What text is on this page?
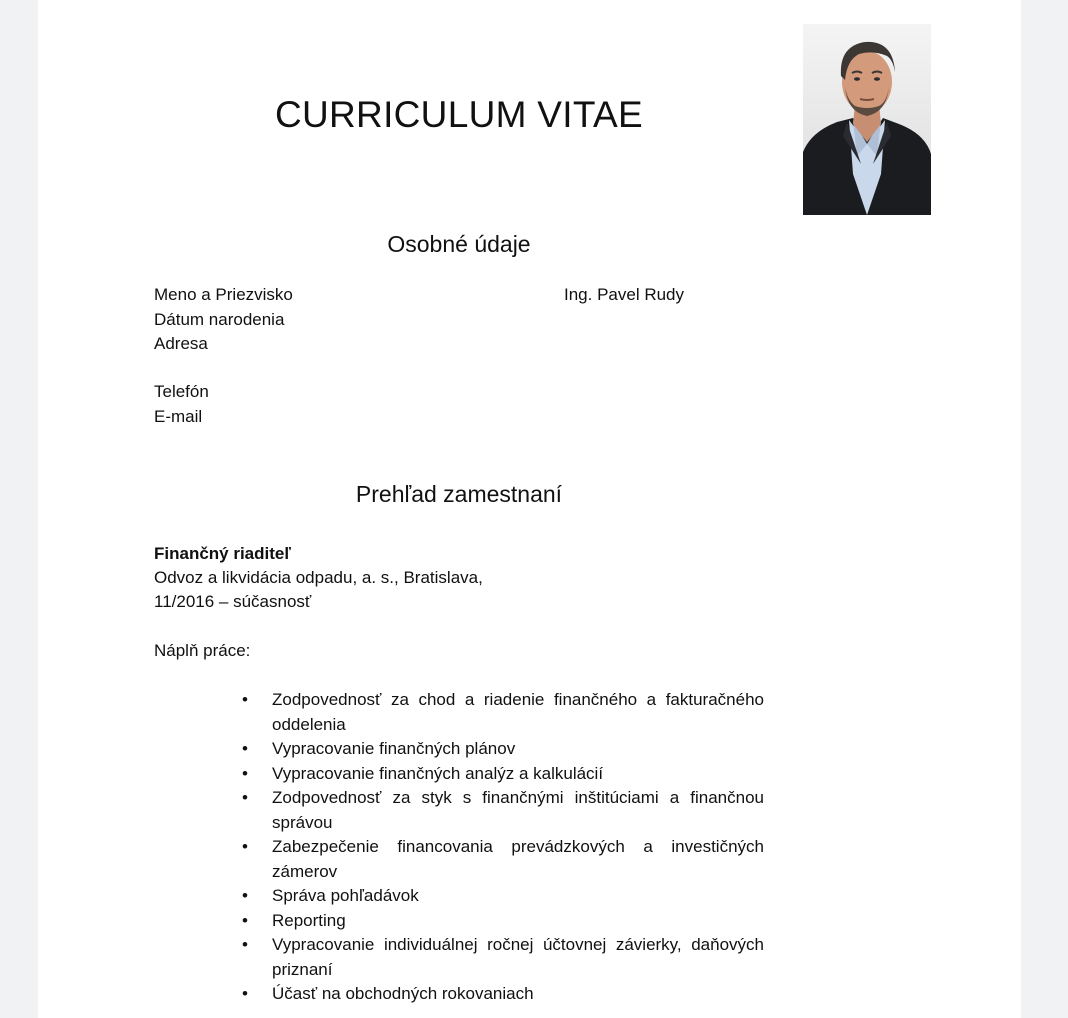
CURRICULUM VITAE
Osobné údaje
Meno a Priezvisko	Ing. Pavel Rudy
Dátum narodenia
Adresa
Telefón
E-mail
Prehľad zamestnaní
Finančný riaditeľ
Odvoz a likvidácia odpadu, a. s., Bratislava,
11/2016 – súčasnosť
Náplň práce:
• Zodpovednosť za chod a riadenie finančného a fakturačného oddelenia
• Vypracovanie finančných plánov
• Vypracovanie finančných analýz a kalkulácií
• Zodpovednosť za styk s finančnými inštitúciami a finančnou správou
• Zabezpečenie financovania prevádzkových a investičných zámerov
• Správa pohľadávok
• Reporting
• Vypracovanie individuálnej ročnej účtovnej závierky, daňových priznaní
• Účasť na obchodných rokovaniach
